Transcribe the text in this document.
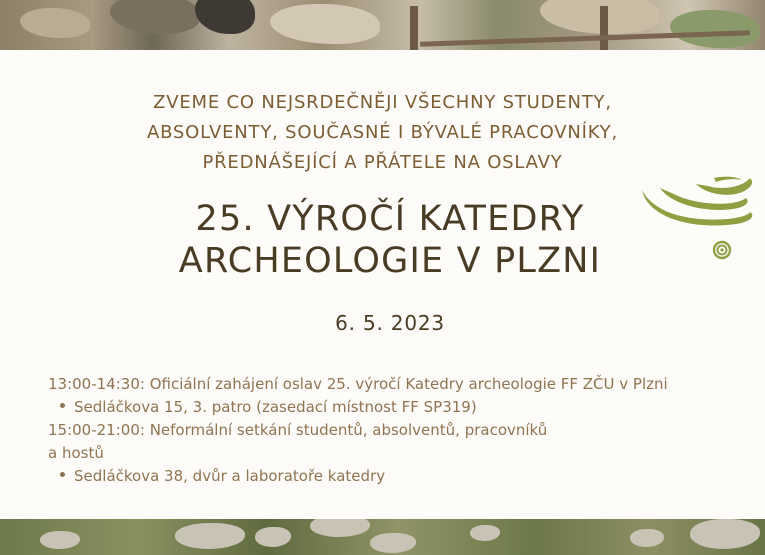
ZVEME CO NEJSRDEČNĚJI VŠECHNY STUDENTY,
ABSOLVENTY, SOUČASNÉ I BÝVALÉ PRACOVNÍKY,
PŘEDNÁŠEJÍCÍ A PŘÁTELE NA OSLAVY

25. VÝROČÍ KATEDRY
ARCHEOLOGIE V PLZNI
6. 5. 2023
13:00-14:30: Oficiální zahájení oslav 25. výročí Katedry archeologie FF ZČU v Plzni
Sedláčkova 15, 3. patro (zasedací místnost FF SP319)
15:00-21:00: Neformální setkání studentů, absolventů, pracovníků
a hostů
Sedláčkova 38, dvůr a laboratoře katedry
